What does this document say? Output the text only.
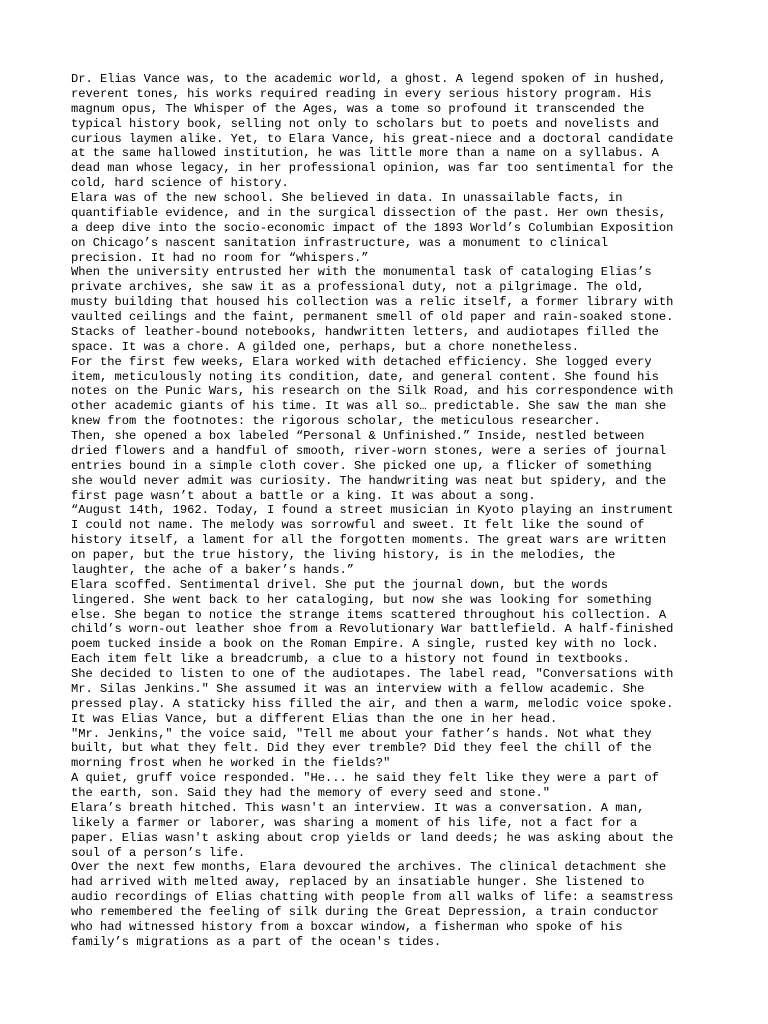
Dr. Elias Vance was, to the academic world, a ghost. A legend spoken of in hushed,
reverent tones, his works required reading in every serious history program. His
magnum opus, The Whisper of the Ages, was a tome so profound it transcended the
typical history book, selling not only to scholars but to poets and novelists and
curious laymen alike. Yet, to Elara Vance, his great-niece and a doctoral candidate
at the same hallowed institution, he was little more than a name on a syllabus. A
dead man whose legacy, in her professional opinion, was far too sentimental for the
cold, hard science of history.

Elara was of the new school. She believed in data. In unassailable facts, in
quantifiable evidence, and in the surgical dissection of the past. Her own thesis,
a deep dive into the socio-economic impact of the 1893 World’s Columbian Exposition
on Chicago’s nascent sanitation infrastructure, was a monument to clinical
precision. It had no room for “whispers.”

When the university entrusted her with the monumental task of cataloging Elias’s
private archives, she saw it as a professional duty, not a pilgrimage. The old,
musty building that housed his collection was a relic itself, a former library with
vaulted ceilings and the faint, permanent smell of old paper and rain-soaked stone.
Stacks of leather-bound notebooks, handwritten letters, and audiotapes filled the
space. It was a chore. A gilded one, perhaps, but a chore nonetheless.

For the first few weeks, Elara worked with detached efficiency. She logged every
item, meticulously noting its condition, date, and general content. She found his
notes on the Punic Wars, his research on the Silk Road, and his correspondence with
other academic giants of his time. It was all so… predictable. She saw the man she
knew from the footnotes: the rigorous scholar, the meticulous researcher.

Then, she opened a box labeled “Personal & Unfinished.” Inside, nestled between
dried flowers and a handful of smooth, river-worn stones, were a series of journal
entries bound in a simple cloth cover. She picked one up, a flicker of something
she would never admit was curiosity. The handwriting was neat but spidery, and the
first page wasn’t about a battle or a king. It was about a song.

“August 14th, 1962. Today, I found a street musician in Kyoto playing an instrument
I could not name. The melody was sorrowful and sweet. It felt like the sound of
history itself, a lament for all the forgotten moments. The great wars are written
on paper, but the true history, the living history, is in the melodies, the
laughter, the ache of a baker’s hands.”

Elara scoffed. Sentimental drivel. She put the journal down, but the words
lingered. She went back to her cataloging, but now she was looking for something
else. She began to notice the strange items scattered throughout his collection. A
child’s worn-out leather shoe from a Revolutionary War battlefield. A half-finished
poem tucked inside a book on the Roman Empire. A single, rusted key with no lock.
Each item felt like a breadcrumb, a clue to a history not found in textbooks.

She decided to listen to one of the audiotapes. The label read, "Conversations with
Mr. Silas Jenkins." She assumed it was an interview with a fellow academic. She
pressed play. A staticky hiss filled the air, and then a warm, melodic voice spoke.
It was Elias Vance, but a different Elias than the one in her head.

"Mr. Jenkins," the voice said, "Tell me about your father’s hands. Not what they
built, but what they felt. Did they ever tremble? Did they feel the chill of the
morning frost when he worked in the fields?"

A quiet, gruff voice responded. "He... he said they felt like they were a part of
the earth, son. Said they had the memory of every seed and stone."

Elara’s breath hitched. This wasn't an interview. It was a conversation. A man,
likely a farmer or laborer, was sharing a moment of his life, not a fact for a
paper. Elias wasn't asking about crop yields or land deeds; he was asking about the
soul of a person’s life.

Over the next few months, Elara devoured the archives. The clinical detachment she
had arrived with melted away, replaced by an insatiable hunger. She listened to
audio recordings of Elias chatting with people from all walks of life: a seamstress
who remembered the feeling of silk during the Great Depression, a train conductor
who had witnessed history from a boxcar window, a fisherman who spoke of his
family’s migrations as a part of the ocean's tides.
